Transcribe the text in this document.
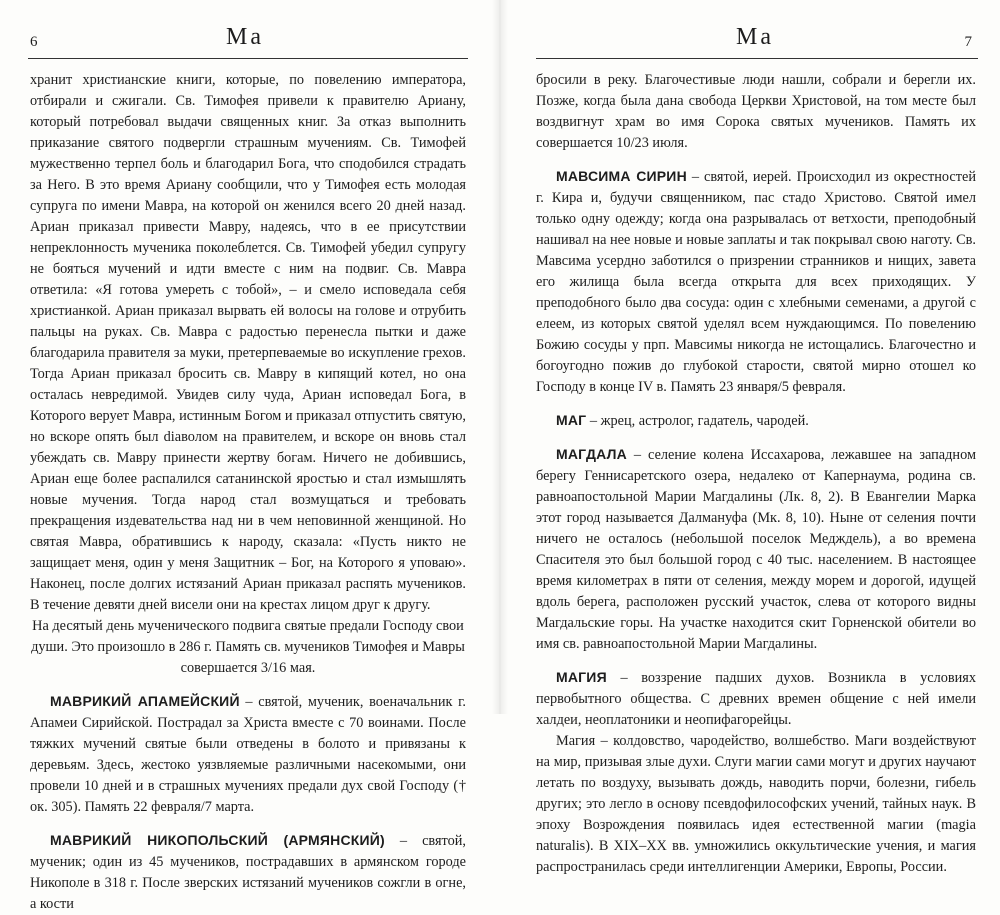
6	Ма

хранит христианские книги, которые, по повелению императора, отбирали и сжигали. Св. Тимофея привели к правителю Ариану, который потребовал выдачи священных книг. За отказ выполнить приказание святого подвергли страшным мучениям. Св. Тимофей мужественно терпел боль и благодарил Бога, что сподобился страдать за Него. В это время Ариану сообщили, что у Тимофея есть молодая супруга по имени Мавра, на которой он женился всего 20 дней назад. Ариан приказал привести Мавру, надеясь, что в ее присутствии непреклонность мученика поколеблется. Св. Тимофей убедил супругу не бояться мучений и идти вместе с ним на подвиг. Св. Мавра ответила: «Я готова умереть с тобой», – и смело исповедала себя христианкой. Ариан приказал вырвать ей волосы на голове и отрубить пальцы на руках. Св. Мавра с радостью перенесла пытки и даже благодарила правителя за муки, претерпеваемые во искупление грехов. Тогда Ариан приказал бросить св. Мавру в кипящий котел, но она осталась невредимой. Увидев силу чуда, Ариан исповедал Бога, в Которого верует Мавра, истинным Богом и приказал отпустить святую, но вскоре опять был diаволом на правителем, и вскоре он вновь стал убеждать св. Мавру принести жертву богам. Ничего не добившись, Ариан еще более распалился сатанинской яростью и стал измышлять новые мучения. Тогда народ стал возмущаться и требовать прекращения издевательства над ни в чем неповинной женщиной. Но святая Мавра, обратившись к народу, сказала: «Пусть никто не защищает меня, один у меня Защитник – Бог, на Которого я уповаю». Наконец, после долгих истязаний Ариан приказал распять мучеников. В течение девяти дней висели они на крестах лицом друг к другу.

На десятый день мученического подвига святые предали Господу свои души. Это произошло в 286 г. Память св. мучеников Тимофея и Мавры совершается 3/16 мая.

МАВРИКИЙ АПАМЕЙСКИЙ – святой, мученик, военачальник г. Апамеи Сирийской. Пострадал за Христа вместе с 70 воинами. После тяжких мучений святые были отведены в болото и привязаны к деревьям. Здесь, жестоко уязвляемые различными насекомыми, они провели 10 дней и в страшных мучениях предали дух свой Господу († ок. 305). Память 22 февраля/7 марта.

МАВРИКИЙ НИКОПОЛЬСКИЙ (АРМЯНСКИЙ) – святой, мученик; один из 45 мучеников, пострадавших в армянском городе Никополе в 318 г. После зверских истязаний мучеников сожгли в огне, а кости

Ма	7

бросили в реку. Благочестивые люди нашли, собрали и берегли их. Позже, когда была дана свобода Церкви Христовой, на том месте был воздвигнут храм во имя Сорока святых мучеников. Память их совершается 10/23 июля.

МАВСИМА СИРИН – святой, иерей. Происходил из окрестностей г. Кира и, будучи священником, пас стадо Христово. Святой имел только одну одежду; когда она разрывалась от ветхости, преподобный нашивал на нее новые и новые заплаты и так покрывал свою наготу. Св. Мавсима усердно заботился о призрении странников и нищих, завета его жилища была всегда открыта для всех приходящих. У преподобного было два сосуда: один с хлебными семенами, а другой с елеем, из которых святой уделял всем нуждающимся. По повелению Божию сосуды у прп. Мавсимы никогда не истощались. Благочестно и богоугодно пожив до глубокой старости, святой мирно отошел ко Господу в конце IV в. Память 23 января/5 февраля.

МАГ – жрец, астролог, гадатель, чародей.

МАГДАЛА – селение колена Иссахарова, лежавшее на западном берегу Геннисаретского озера, недалеко от Капернаума, родина св. равноапостольной Марии Магдалины (Лк. 8, 2). В Евангелии Марка этот город называется Далмануфа (Мк. 8, 10). Ныне от селения почти ничего не осталось (небольшой поселок Медждель), а во времена Спасителя это был большой город с 40 тыс. населением. В настоящее время километрах в пяти от селения, между морем и дорогой, идущей вдоль берега, расположен русский участок, слева от которого видны Магдальские горы. На участке находится скит Горненской обители во имя св. равноапостольной Марии Магдалины.

МАГИЯ – воззрение падших духов. Возникла в условиях первобытного общества. С древних времен общение с ней имели халдеи, неоплатоники и неопифагорейцы.

Магия – колдовство, чародейство, волшебство. Маги воздействуют на мир, призывая злые духи. Слуги магии сами могут и других научают летать по воздуху, вызывать дождь, наводить порчи, болезни, гибель других; это легло в основу псевдофилософских учений, тайных наук. В эпоху Возрождения появилась идея естественной магии (magia naturalis). В XIX–XX вв. умножились оккультические учения, и магия распространилась среди интеллигенции Америки, Европы, России.
